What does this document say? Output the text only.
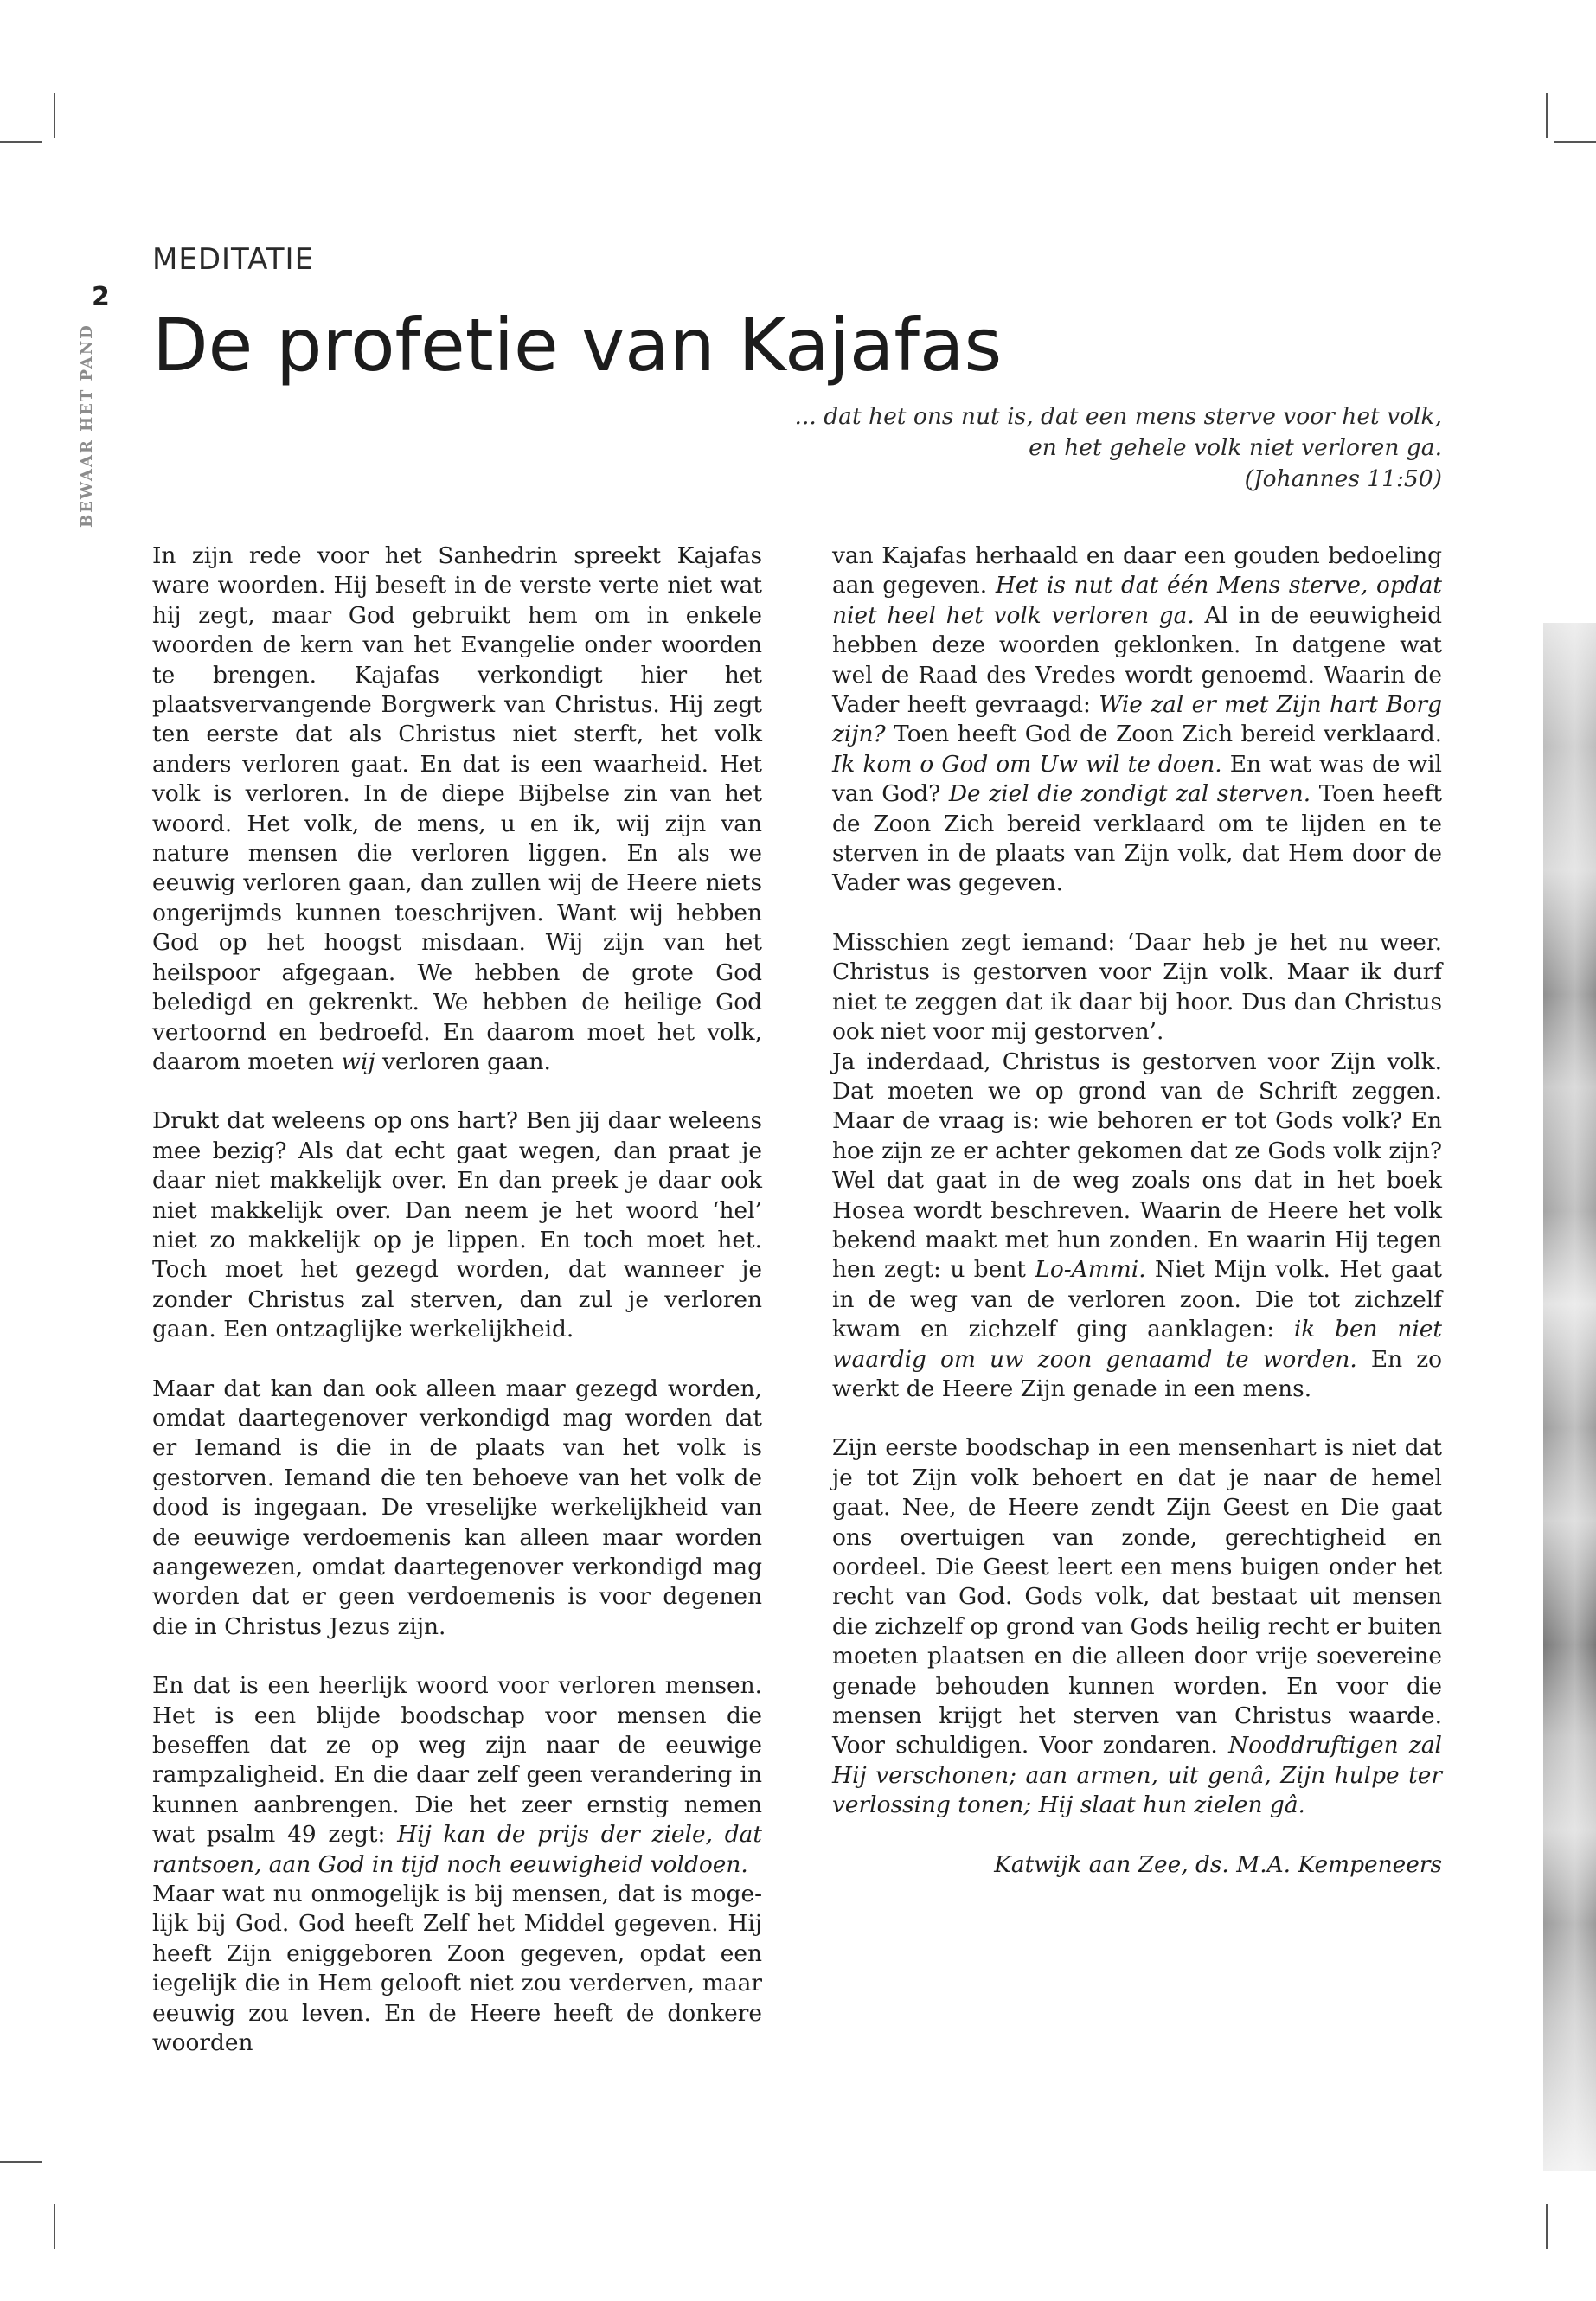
2

BEWAAR HET PAND

MEDITATIE
De profetie van Kajafas

... dat het ons nut is, dat een mens sterve voor het volk,

en het gehele volk niet verloren ga.

(Johannes 11:50)

In zijn rede voor het Sanhedrin spreekt Kajafas ware woorden. Hij beseft in de verste verte niet wat hij zegt, maar God gebruikt hem om in enkele woorden de kern van het Evangelie onder woorden te brengen. Kajafas verkondigt hier het plaatsvervangende Borgwerk van Christus. Hij zegt ten eerste dat als Christus niet sterft, het volk anders verloren gaat. En dat is een waarheid. Het volk is verloren. In de diepe Bijbelse zin van het woord. Het volk, de mens, u en ik, wij zijn van nature mensen die verloren liggen. En als we eeuwig verloren gaan, dan zullen wij de Heere niets ongerijmds kunnen toeschrijven. Want wij hebben God op het hoogst misdaan. Wij zijn van het heilspoor afgegaan. We hebben de grote God beledigd en gekrenkt. We hebben de heilige God vertoornd en bedroefd. En daarom moet het volk, daarom moeten wij verloren gaan.

Drukt dat weleens op ons hart? Ben jij daar weleens mee bezig? Als dat echt gaat wegen, dan praat je daar niet makkelijk over. En dan preek je daar ook niet makkelijk over. Dan neem je het woord ‘hel’ niet zo makkelijk op je lippen. En toch moet het. Toch moet het gezegd worden, dat wanneer je zonder Christus zal sterven, dan zul je verloren gaan. Een ontzaglijke werkelijkheid.

Maar dat kan dan ook alleen maar gezegd worden, omdat daartegenover verkondigd mag worden dat er Iemand is die in de plaats van het volk is gestorven. Iemand die ten behoeve van het volk de dood is ingegaan. De vreselijke werkelijkheid van de eeuwige verdoemenis kan alleen maar worden aangewezen, omdat daartegenover verkondigd mag worden dat er geen verdoemenis is voor degenen die in Christus Jezus zijn.

En dat is een heerlijk woord voor verloren mensen. Het is een blijde boodschap voor mensen die beseffen dat ze op weg zijn naar de eeuwige rampzaligheid. En die daar zelf geen verandering in kunnen aanbrengen. Die het zeer ernstig nemen wat psalm 49 zegt: Hij kan de prijs der ziele, dat rantsoen, aan God in tijd noch eeuwigheid voldoen.

Maar wat nu onmogelijk is bij mensen, dat is mogelijk bij God. God heeft Zelf het Middel gegeven. Hij heeft Zijn eniggeboren Zoon gegeven, opdat een iegelijk die in Hem gelooft niet zou verderven, maar eeuwig zou leven. En de Heere heeft de donkere woorden

van Kajafas herhaald en daar een gouden bedoeling aan gegeven. Het is nut dat één Mens sterve, opdat niet heel het volk verloren ga. Al in de eeuwigheid hebben deze woorden geklonken. In datgene wat wel de Raad des Vredes wordt genoemd. Waarin de Vader heeft gevraagd: Wie zal er met Zijn hart Borg zijn? Toen heeft God de Zoon Zich bereid verklaard. Ik kom o God om Uw wil te doen. En wat was de wil van God? De ziel die zondigt zal sterven. Toen heeft de Zoon Zich bereid verklaard om te lijden en te sterven in de plaats van Zijn volk, dat Hem door de Vader was gegeven.

Misschien zegt iemand: ‘Daar heb je het nu weer. Christus is gestorven voor Zijn volk. Maar ik durf niet te zeggen dat ik daar bij hoor. Dus dan Christus ook niet voor mij gestorven’.

Ja inderdaad, Christus is gestorven voor Zijn volk. Dat moeten we op grond van de Schrift zeggen. Maar de vraag is: wie behoren er tot Gods volk? En hoe zijn ze er achter gekomen dat ze Gods volk zijn? Wel dat gaat in de weg zoals ons dat in het boek Hosea wordt beschreven. Waarin de Heere het volk bekend maakt met hun zonden. En waarin Hij tegen hen zegt: u bent Lo-Ammi. Niet Mijn volk. Het gaat in de weg van de verloren zoon. Die tot zichzelf kwam en zichzelf ging aanklagen: ik ben niet waardig om uw zoon genaamd te worden. En zo werkt de Heere Zijn genade in een mens.

Zijn eerste boodschap in een mensenhart is niet dat je tot Zijn volk behoert en dat je naar de hemel gaat. Nee, de Heere zendt Zijn Geest en Die gaat ons overtuigen van zonde, gerechtigheid en oordeel. Die Geest leert een mens buigen onder het recht van God. Gods volk, dat bestaat uit mensen die zichzelf op grond van Gods heilig recht er buiten moeten plaatsen en die alleen door vrije soevereine genade behouden kunnen worden. En voor die mensen krijgt het sterven van Christus waarde. Voor schuldigen. Voor zondaren. Nooddruftigen zal Hij verschonen; aan armen, uit genâ, Zijn hulpe ter verlossing tonen; Hij slaat hun zielen gâ.

Katwijk aan Zee, ds. M.A. Kempeneers
